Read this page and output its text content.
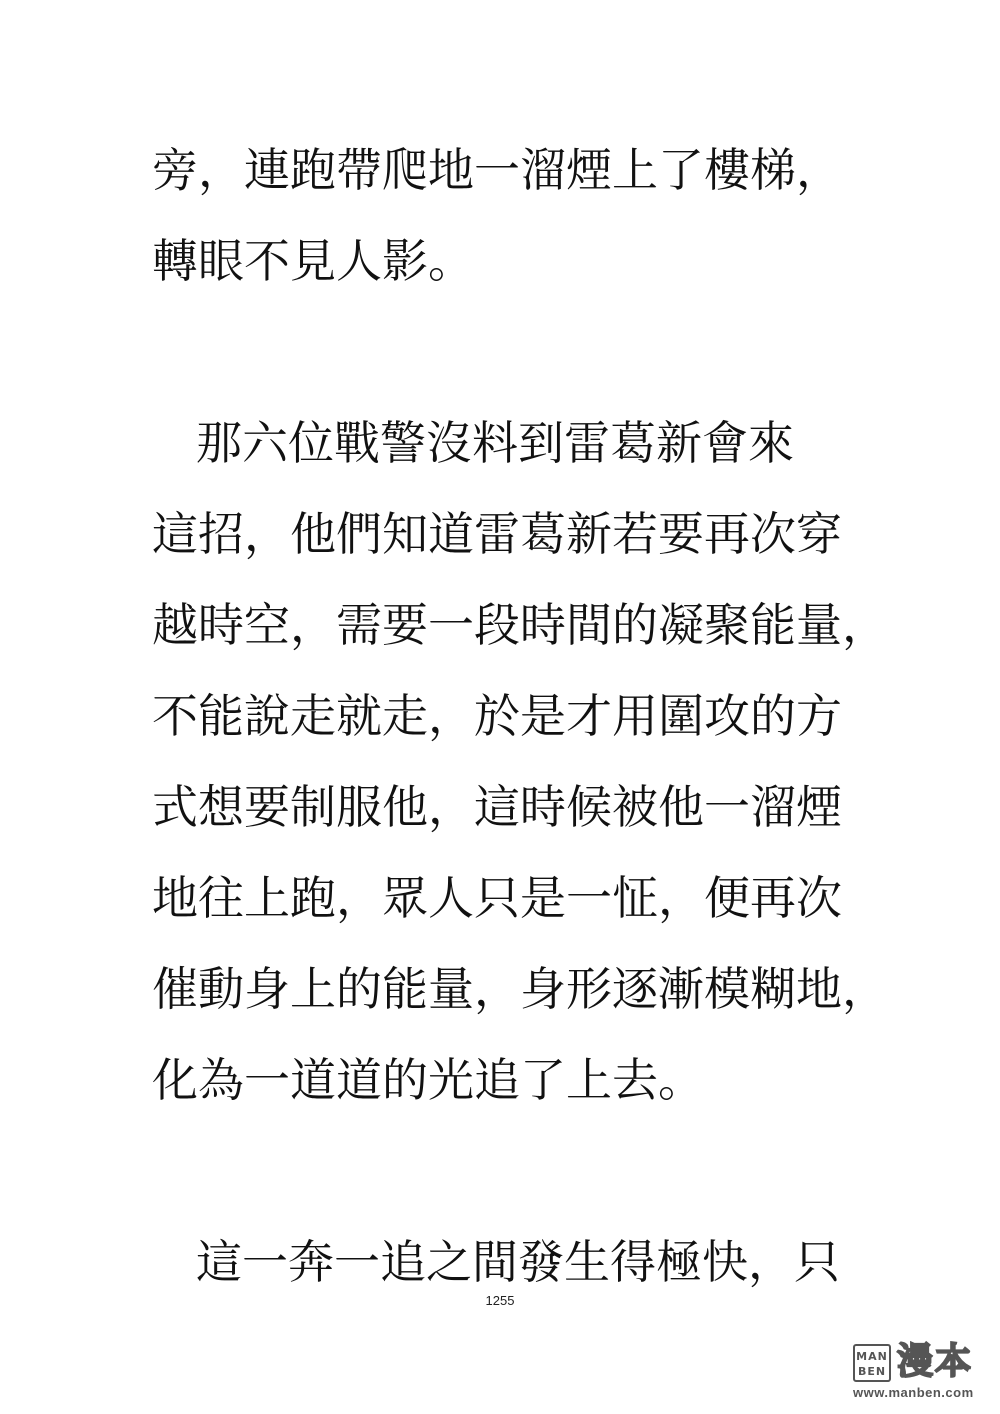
旁，連跑帶爬地一溜煙上了樓梯，
轉眼不見人影。
那六位戰警沒料到雷葛新會來
這招，他們知道雷葛新若要再次穿
越時空，需要一段時間的凝聚能量，
不能說走就走，於是才用圍攻的方
式想要制服他，這時候被他一溜煙
地往上跑，眾人只是一怔，便再次
催動身上的能量，身形逐漸模糊地，
化為一道道的光追了上去。
這一奔一追之間發生得極快，只
1255
MAN
BEN 漫本
www.manben.com
